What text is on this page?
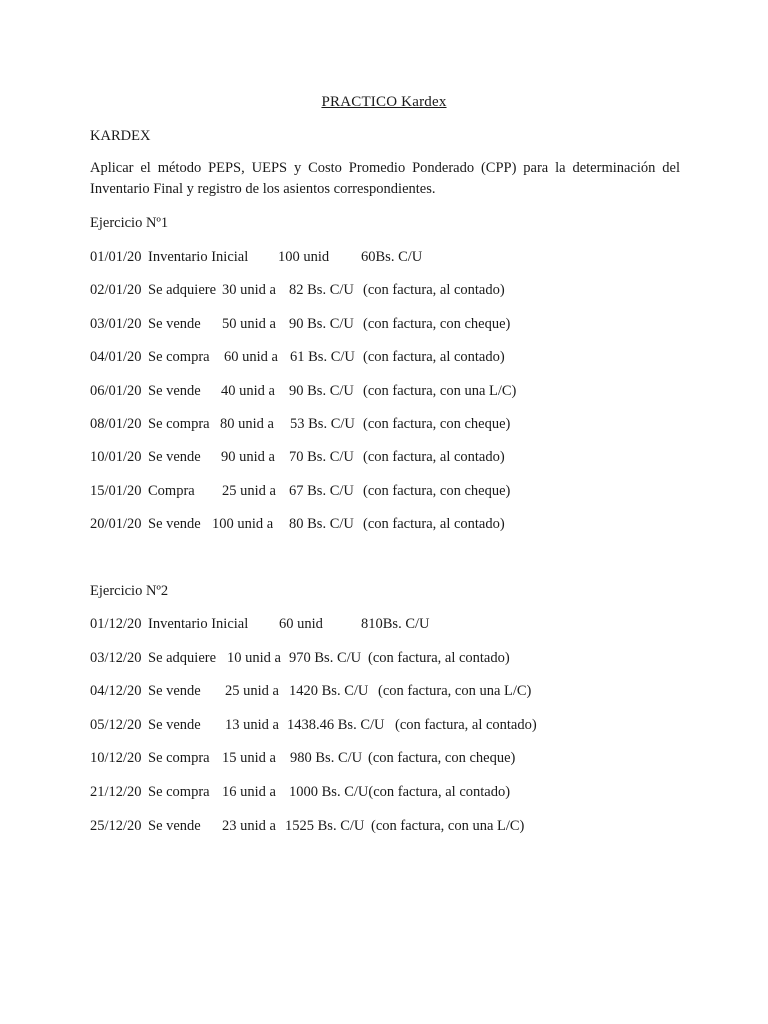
PRACTICO Kardex
KARDEX
Aplicar el método PEPS, UEPS y Costo Promedio Ponderado (CPP) para la determinación del
Inventario Final y registro de los asientos correspondientes.
Ejercicio Nº1
01/01/20 Inventario Inicial 100 unid 60Bs. C/U
02/01/20 Se adquiere 30 unid a 82 Bs. C/U (con factura, al contado)
03/01/20 Se vende 50 unid a 90 Bs. C/U (con factura, con cheque)
04/01/20 Se compra 60 unid a 61 Bs. C/U (con factura, al contado)
06/01/20 Se vende 40 unid a 90 Bs. C/U (con factura, con una L/C)
08/01/20 Se compra 80 unid a 53 Bs. C/U (con factura, con cheque)
10/01/20 Se vende 90 unid a 70 Bs. C/U (con factura, al contado)
15/01/20 Compra 25 unid a 67 Bs. C/U (con factura, con cheque)
20/01/20 Se vende 100 unid a 80 Bs. C/U (con factura, al contado)
Ejercicio Nº2
01/12/20 Inventario Inicial 60 unid	810Bs. C/U
03/12/20 Se adquiere 10 unid a 970 Bs. C/U (con factura, al contado)
04/12/20 Se vende 25 unid a 1420 Bs. C/U (con factura, con una L/C)
05/12/20 Se vende 13 unid a 1438.46 Bs. C/U (con factura, al contado)
10/12/20 Se compra 15 unid a 980 Bs. C/U (con factura, con cheque)
21/12/20 Se compra 16 unid a 1000 Bs. C/U(con factura, al contado)
25/12/20 Se vende 23 unid a 1525 Bs. C/U (con factura, con una L/C)
